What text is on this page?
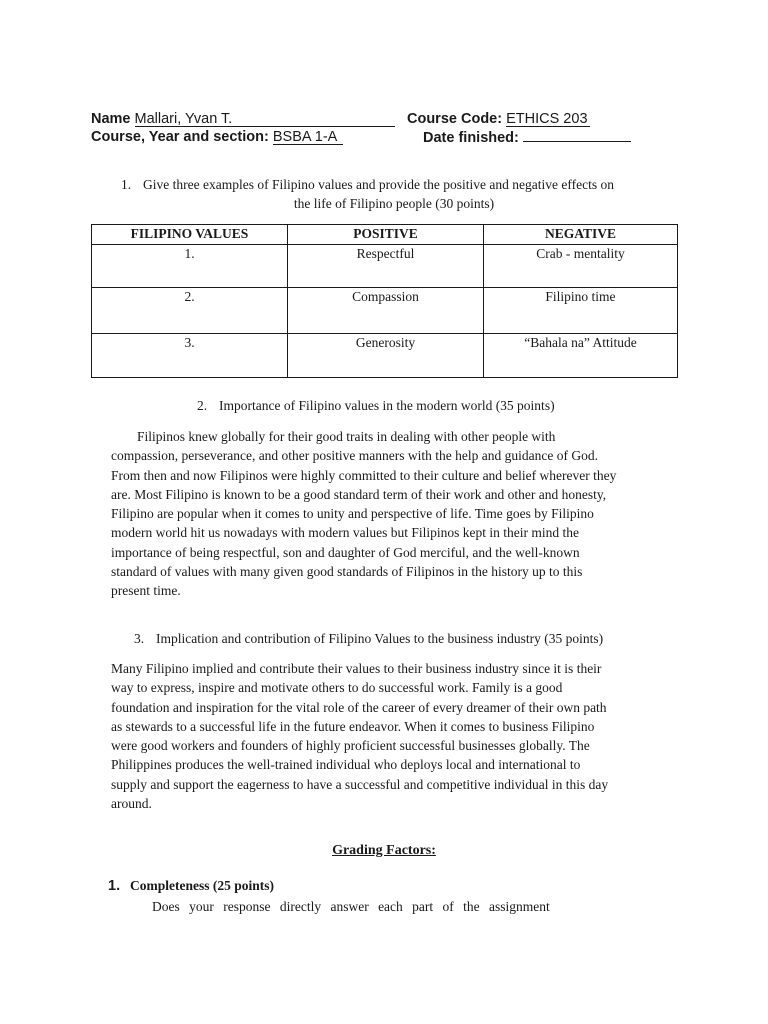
Name Mallari, Yvan T.	Course Code: ETHICS 203
Course, Year and section: BSBA 1-A	Date finished:
1. Give three examples of Filipino values and provide the positive and negative effects on
the life of Filipino people (30 points)
FILIPINO VALUES	POSITIVE	NEGATIVE
1.	Respectful	Crab - mentality
2.	Compassion	Filipino time
3.	Generosity	“Bahala na” Attitude
2. Importance of Filipino values in the modern world (35 points)

Filipinos knew globally for their good traits in dealing with other people with
compassion, perseverance, and other positive manners with the help and guidance of God.
From then and now Filipinos were highly committed to their culture and belief wherever they
are. Most Filipino is known to be a good standard term of their work and other and honesty,
Filipino are popular when it comes to unity and perspective of life. Time goes by Filipino
modern world hit us nowadays with modern values but Filipinos kept in their mind the
importance of being respectful, son and daughter of God merciful, and the well-known
standard of values with many given good standards of Filipinos in the history up to this
present time.

3. Implication and contribution of Filipino Values to the business industry (35 points)

Many Filipino implied and contribute their values to their business industry since it is their
way to express, inspire and motivate others to do successful work. Family is a good
foundation and inspiration for the vital role of the career of every dreamer of their own path
as stewards to a successful life in the future endeavor. When it comes to business Filipino
were good workers and founders of highly proficient successful businesses globally. The
Philippines produces the well-trained individual who deploys local and international to
supply and support the eagerness to have a successful and competitive individual in this day
around.

Grading Factors:
1. Completeness (25 points)
Does your response directly answer each part of the assignment
